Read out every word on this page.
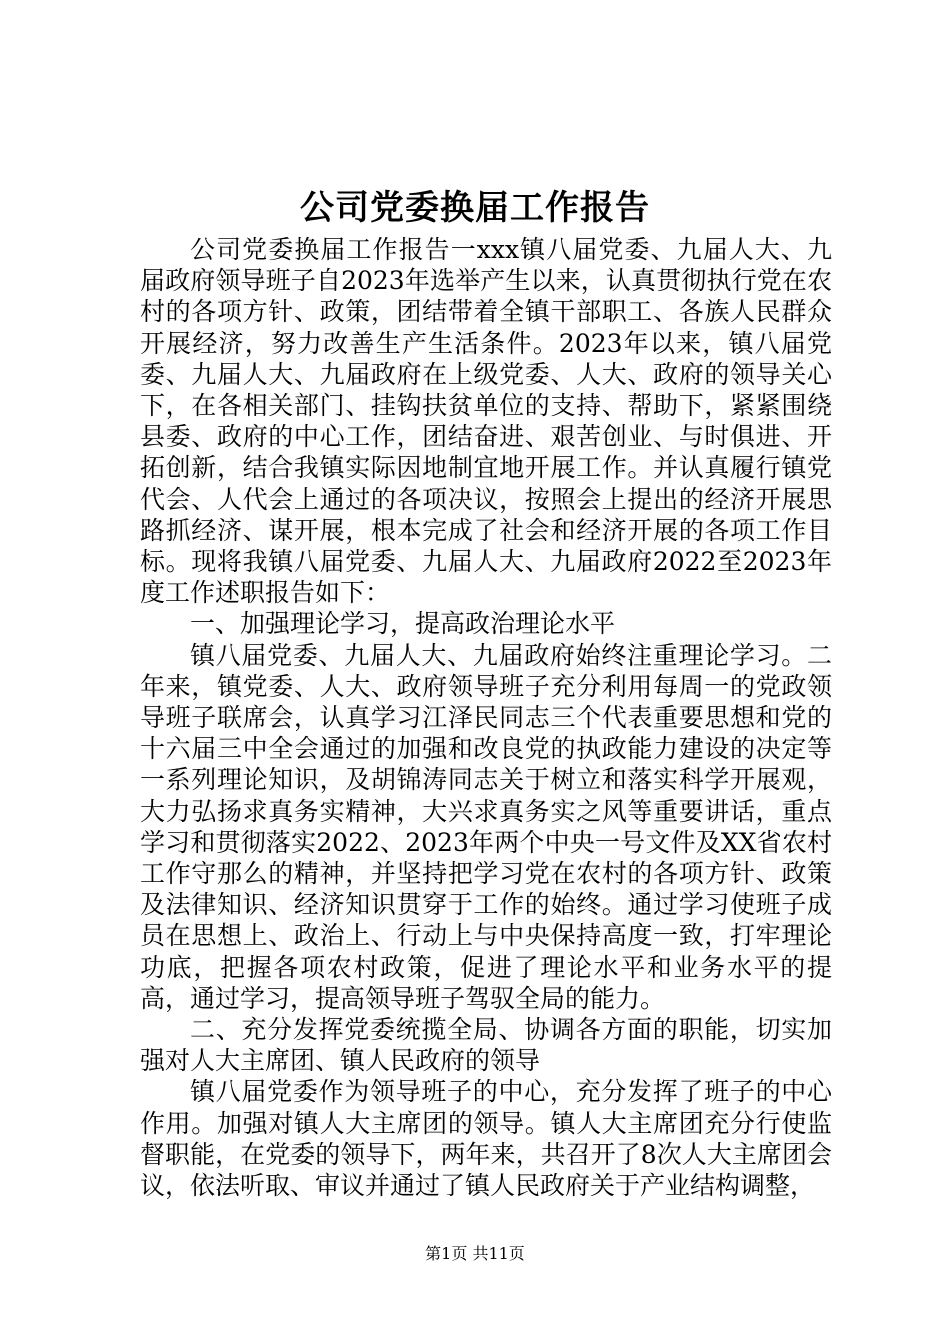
公司党委换届工作报告

公司党委换届工作报告一xxx镇八届党委、九届人大、九届政府领导班子自2023年选举产生以来，认真贯彻执行党在农村的各项方针、政策，团结带着全镇干部职工、各族人民群众开展经济，努力改善生产生活条件。2023年以来，镇八届党委、九届人大、九届政府在上级党委、人大、政府的领导关心下，在各相关部门、挂钩扶贫单位的支持、帮助下，紧紧围绕县委、政府的中心工作，团结奋进、艰苦创业、与时俱进、开拓创新，结合我镇实际因地制宜地开展工作。并认真履行镇党代会、人代会上通过的各项决议，按照会上提出的经济开展思路抓经济、谋开展，根本完成了社会和经济开展的各项工作目标。现将我镇八届党委、九届人大、九届政府2022至2023年度工作述职报告如下：

一、加强理论学习，提高政治理论水平

镇八届党委、九届人大、九届政府始终注重理论学习。二年来，镇党委、人大、政府领导班子充分利用每周一的党政领导班子联席会，认真学习江泽民同志三个代表重要思想和党的十六届三中全会通过的加强和改良党的执政能力建设的决定等一系列理论知识，及胡锦涛同志关于树立和落实科学开展观，大力弘扬求真务实精神，大兴求真务实之风等重要讲话，重点学习和贯彻落实2022、2023年两个中央一号文件及XX省农村工作守那么的精神，并坚持把学习党在农村的各项方针、政策及法律知识、经济知识贯穿于工作的始终。通过学习使班子成员在思想上、政治上、行动上与中央保持高度一致，打牢理论功底，把握各项农村政策，促进了理论水平和业务水平的提高，通过学习，提高领导班子驾驭全局的能力。

二、充分发挥党委统揽全局、协调各方面的职能，切实加强对人大主席团、镇人民政府的领导

镇八届党委作为领导班子的中心，充分发挥了班子的中心作用。加强对镇人大主席团的领导。镇人大主席团充分行使监督职能，在党委的领导下，两年来，共召开了8次人大主席团会议，依法听取、审议并通过了镇人民政府关于产业结构调整，

第1页 共11页
